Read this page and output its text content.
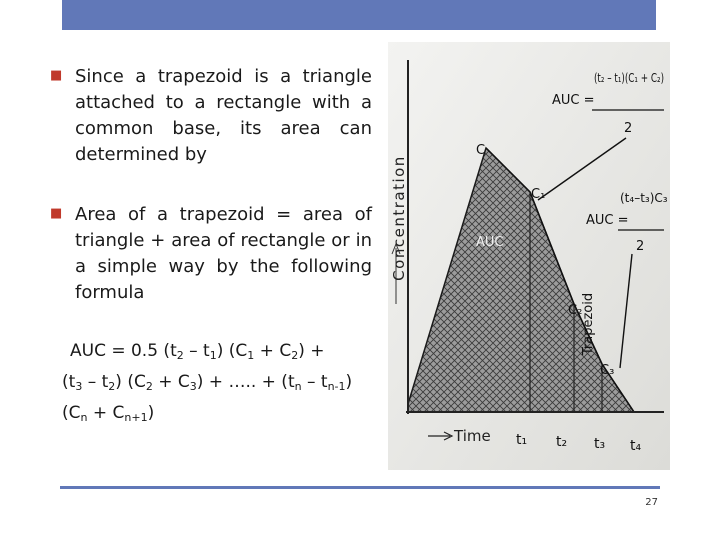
■ Since a trapezoid is a triangle attached to a rectangle with a common base, its area can determined by
■ Area of a trapezoid = area of triangle + area of rectangle or in a simple way by the following formula
AUC = 0.5 $(t_2 - t_1) (C_1 + C_2)$ +
$(t_3 - t_2) (C_2 + C_3)$ + ….. + $(t_n - t_{n-1})$
$(C_n + C_{n+1})$
Concentration
Time
C
C₁
C₂
C₃
AUC
Trapezoid
t₁ t₂ t₃ t₄
AUC =
(t₂ – t₁)(C₁ + C₂)
2
AUC =
(t₄–t₃)C₃
2
27
